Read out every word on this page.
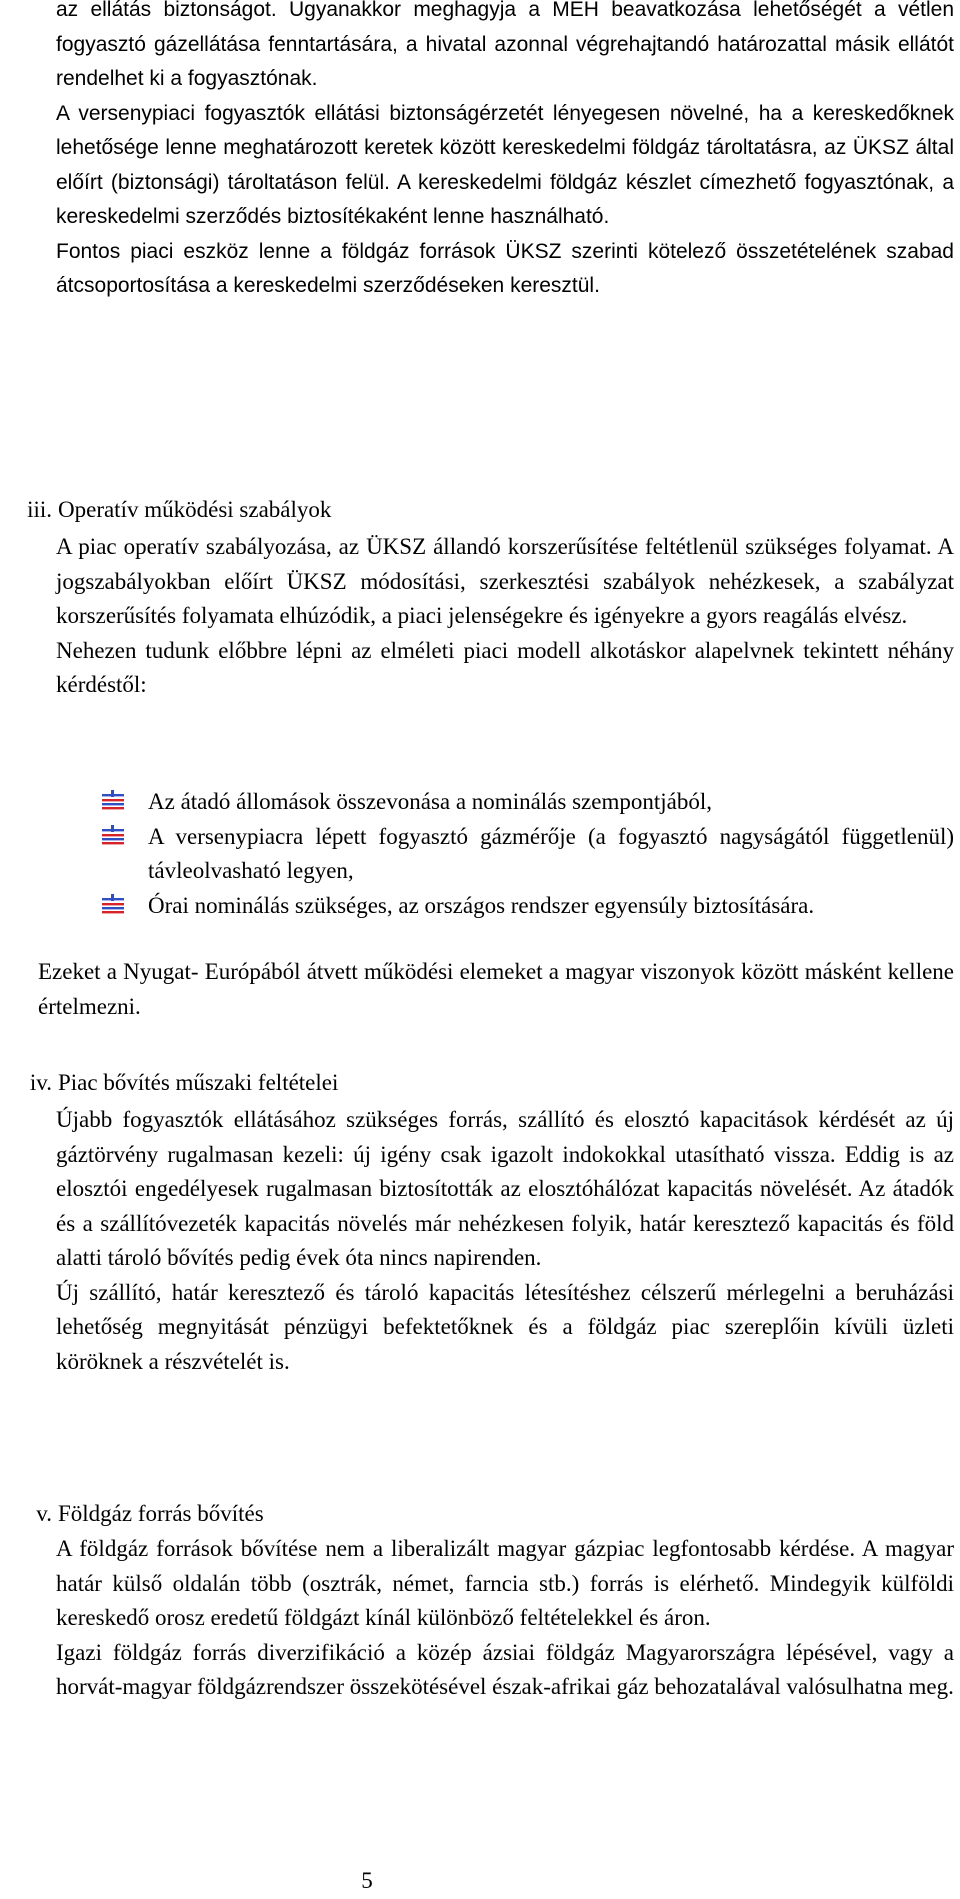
az ellátás biztonságot. Ugyanakkor meghagyja a MEH beavatkozása lehetőségét a vétlen fogyasztó gázellátása fenntartására, a hivatal azonnal végrehajtandó határozattal másik ellátót rendelhet ki a fogyasztónak.

A versenypiaci fogyasztók ellátási biztonságérzetét lényegesen növelné, ha a kereskedőknek lehetősége lenne meghatározott keretek között kereskedelmi földgáz tároltatásra, az ÜKSZ által előírt (biztonsági) tároltatáson felül. A kereskedelmi földgáz készlet címezhető fogyasztónak, a kereskedelmi szerződés biztosítékaként lenne használható.

Fontos piaci eszköz lenne a földgáz források ÜKSZ szerinti kötelező összetételének szabad átcsoportosítása a kereskedelmi szerződéseken keresztül.

iii. Operatív működési szabályok

A piac operatív szabályozása, az ÜKSZ állandó korszerűsítése feltétlenül szükséges folyamat. A jogszabályokban előírt ÜKSZ módosítási, szerkesztési szabályok nehézkesek, a szabályzat korszerűsítés folyamata elhúzódik, a piaci jelenségekre és igényekre a gyors reagálás elvész.

Nehezen tudunk előbbre lépni az elméleti piaci modell alkotáskor alapelvnek tekintett néhány kérdéstől:

Az átadó állomások összevonása a nominálás szempontjából,
A versenypiacra lépett fogyasztó gázmérője (a fogyasztó nagyságától függetlenül) távleolvasható legyen,
Órai nominálás szükséges, az országos rendszer egyensúly biztosítására.

Ezeket a Nyugat- Európából átvett működési elemeket a magyar viszonyok között másként kellene értelmezni.

iv. Piac bővítés műszaki feltételei

Újabb fogyasztók ellátásához szükséges forrás, szállító és elosztó kapacitások kérdését az új gáztörvény rugalmasan kezeli: új igény csak igazolt indokokkal utasítható vissza. Eddig is az elosztói engedélyesek rugalmasan biztosították az elosztóhálózat kapacitás növelését. Az átadók és a szállítóvezeték kapacitás növelés már nehézkesen folyik, határ keresztező kapacitás és föld alatti tároló bővítés pedig évek óta nincs napirenden.

Új szállító, határ keresztező és tároló kapacitás létesítéshez célszerű mérlegelni a beruházási lehetőség megnyitását pénzügyi befektetőknek és a földgáz piac szereplőin kívüli üzleti köröknek a részvételét is.

v. Földgáz forrás bővítés

A földgáz források bővítése nem a liberalizált magyar gázpiac legfontosabb kérdése. A magyar határ külső oldalán több (osztrák, német, farncia stb.) forrás is elérhető. Mindegyik külföldi kereskedő orosz eredetű földgázt kínál különböző feltételekkel és áron.

Igazi földgáz forrás diverzifikáció a közép ázsiai földgáz Magyarországra lépésével, vagy a horvát-magyar földgázrendszer összekötésével észak-afrikai gáz behozatalával valósulhatna meg.

5
